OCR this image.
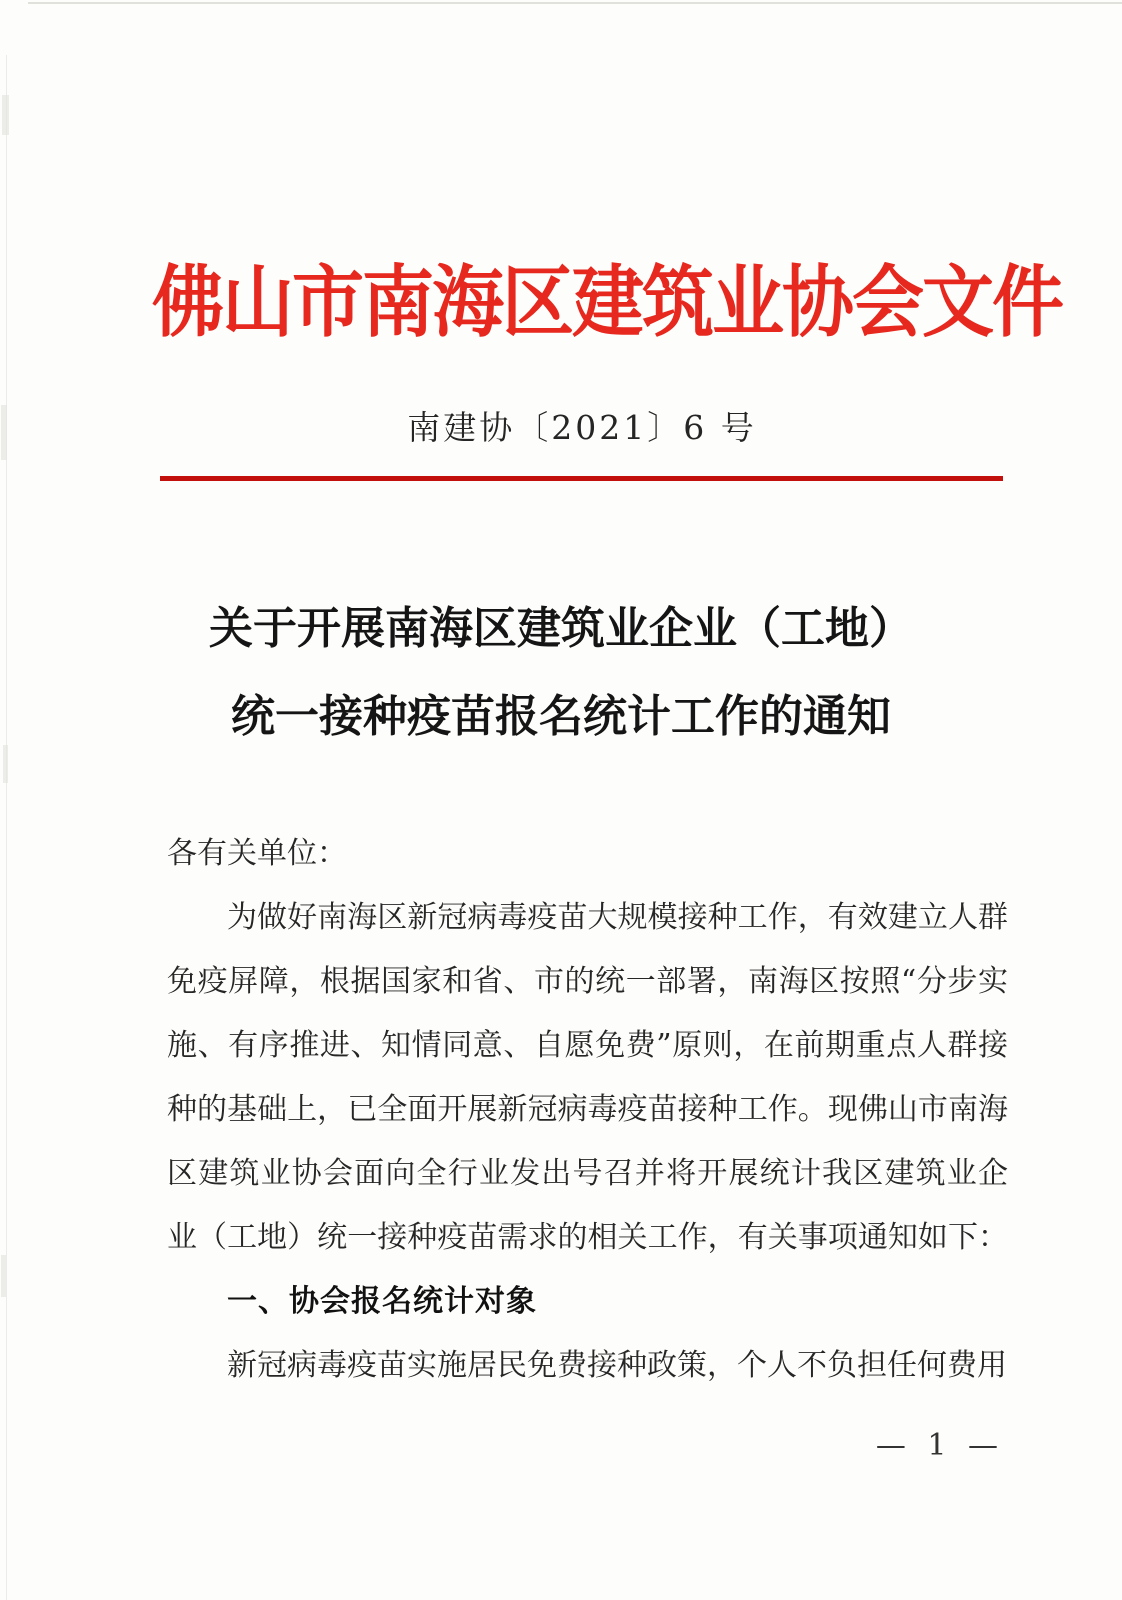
佛山市南海区建筑业协会文件
南建协〔2021〕6 号
关于开展南海区建筑业企业（工地）
统一接种疫苗报名统计工作的通知
各有关单位：
为做好南海区新冠病毒疫苗大规模接种工作，有效建立人群
免疫屏障，根据国家和省、市的统一部署，南海区按照“分步实
施、有序推进、知情同意、自愿免费”原则，在前期重点人群接
种的基础上，已全面开展新冠病毒疫苗接种工作。现佛山市南海
区建筑业协会面向全行业发出号召并将开展统计我区建筑业企
业（工地）统一接种疫苗需求的相关工作，有关事项通知如下：
一、协会报名统计对象
新冠病毒疫苗实施居民免费接种政策，个人不负担任何费用
— 1 —
